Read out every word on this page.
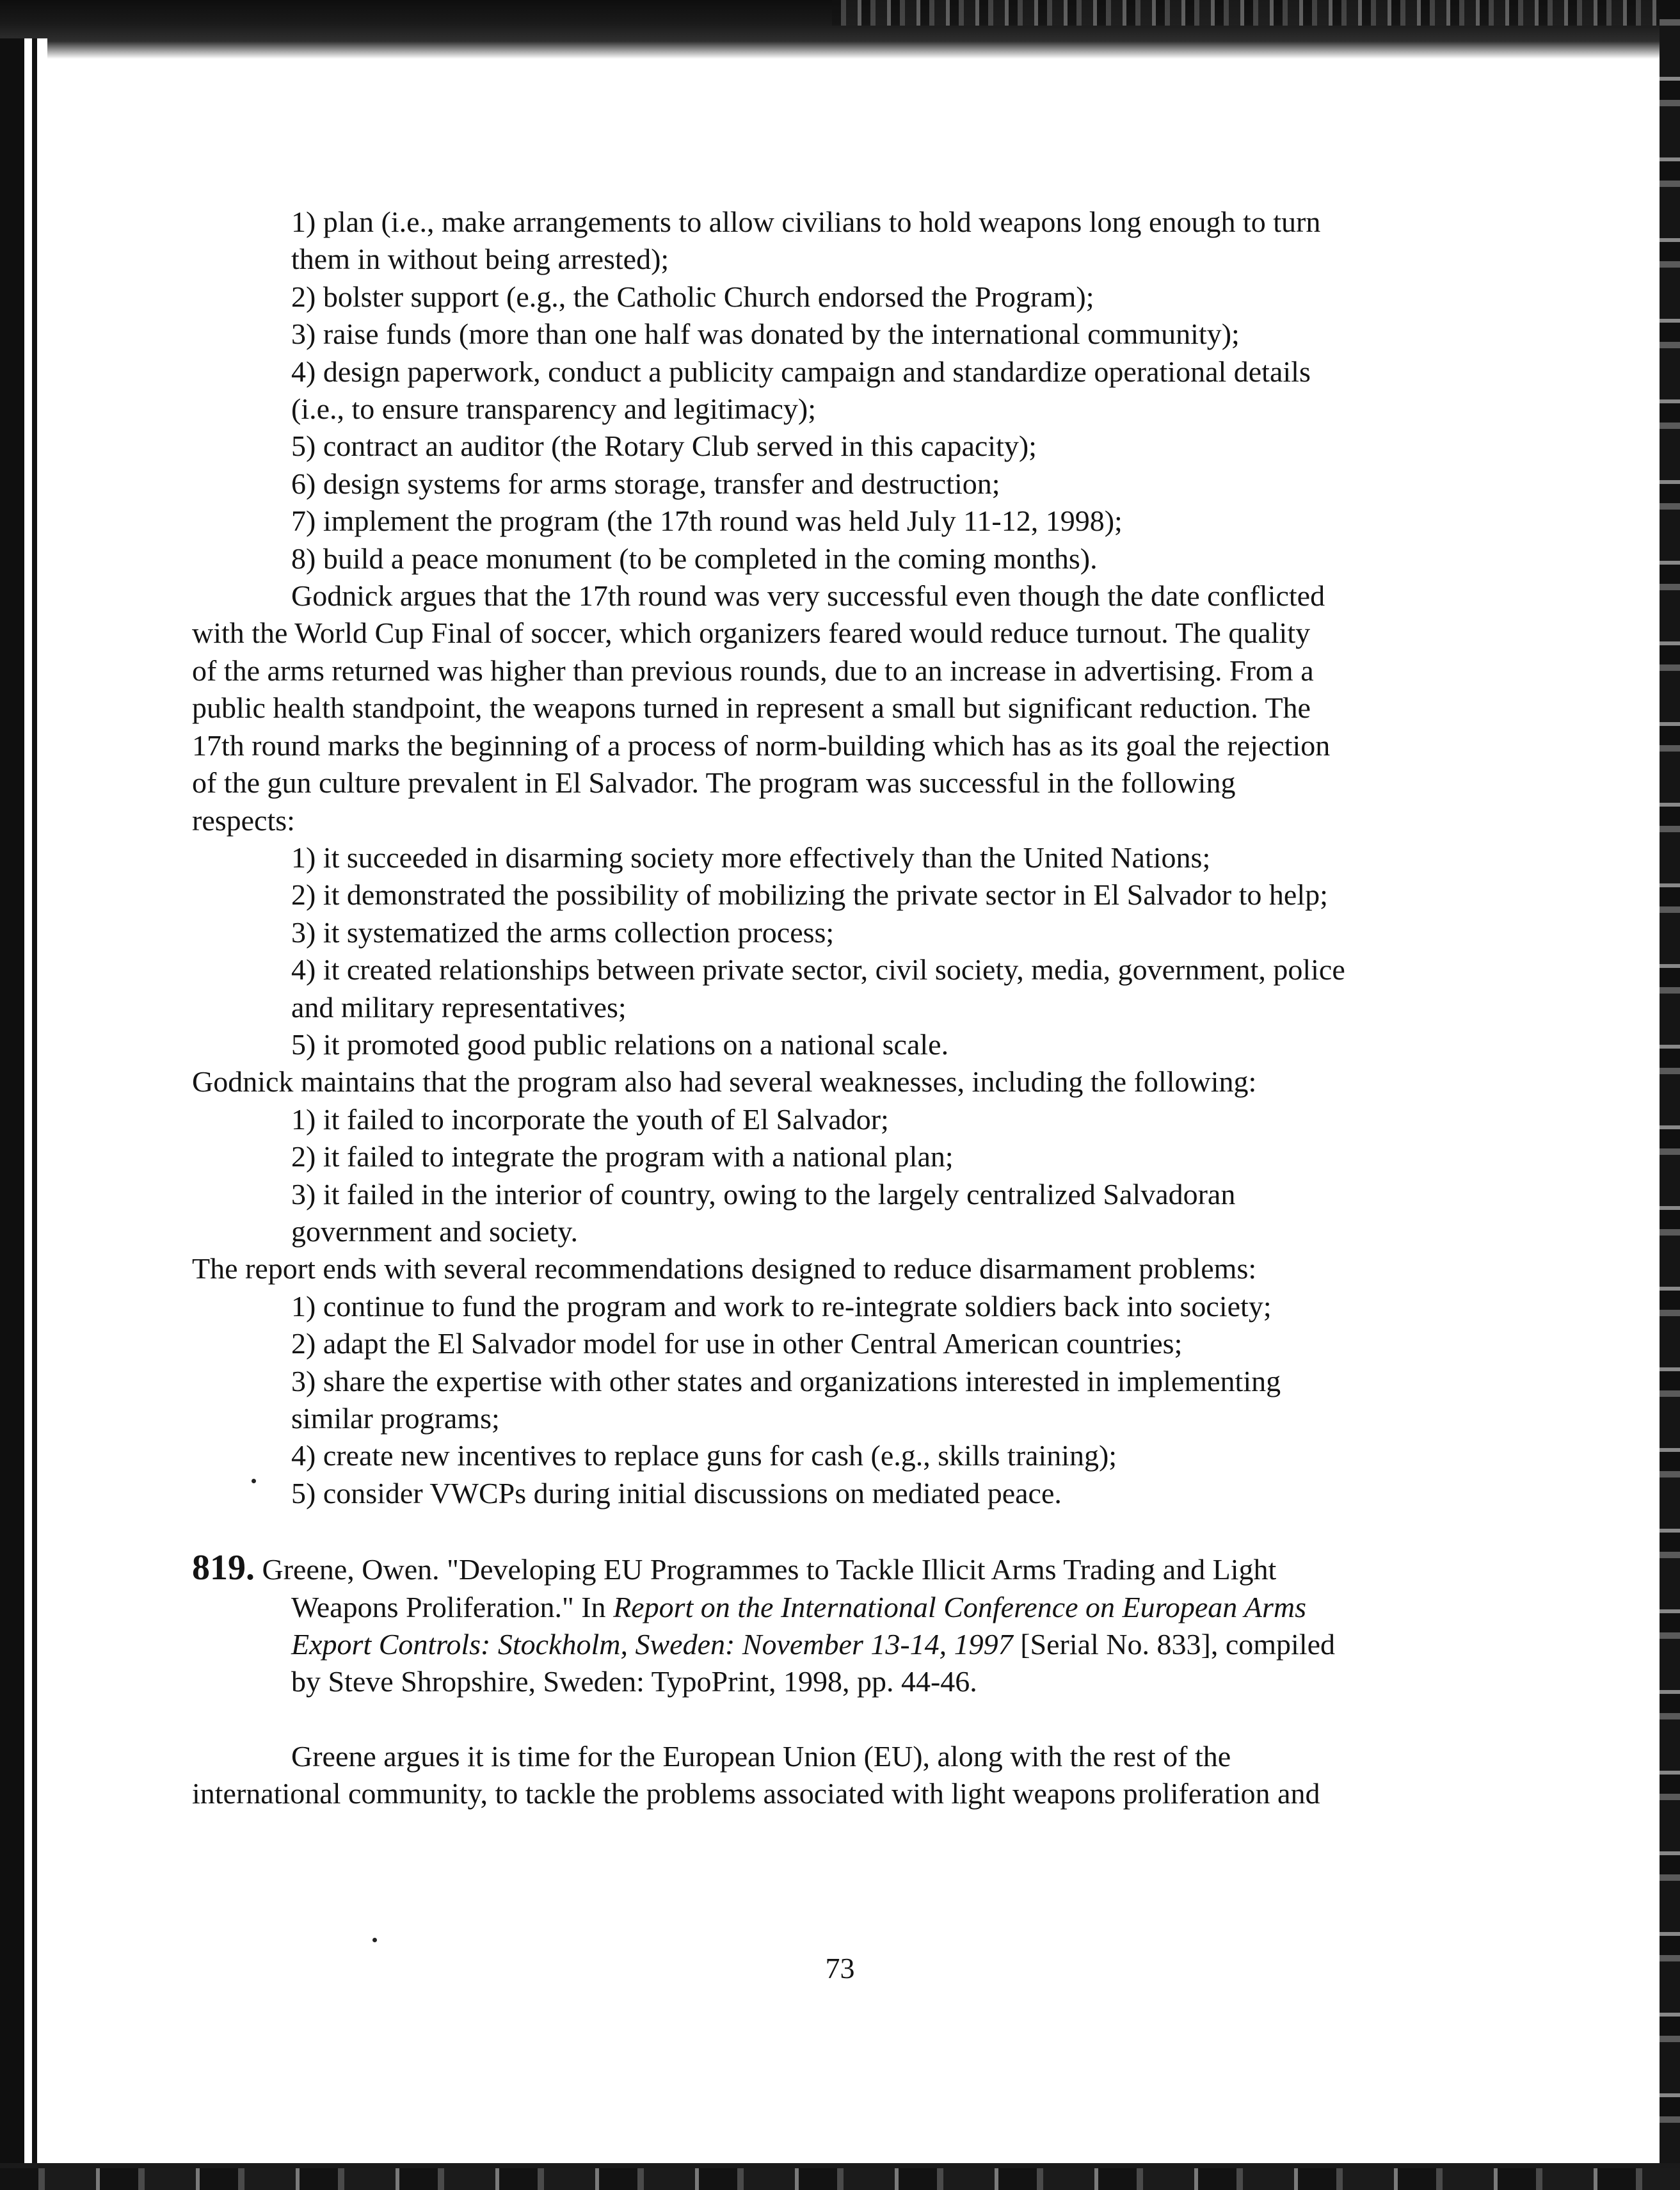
1) plan (i.e., make arrangements to allow civilians to hold weapons long enough to turn
them in without being arrested);
2) bolster support (e.g., the Catholic Church endorsed the Program);
3) raise funds (more than one half was donated by the international community);
4) design paperwork, conduct a publicity campaign and standardize operational details
(i.e., to ensure transparency and legitimacy);
5) contract an auditor (the Rotary Club served in this capacity);
6) design systems for arms storage, transfer and destruction;
7) implement the program (the 17th round was held July 11-12, 1998);
8) build a peace monument (to be completed in the coming months).
Godnick argues that the 17th round was very successful even though the date conflicted
with the World Cup Final of soccer, which organizers feared would reduce turnout. The quality
of the arms returned was higher than previous rounds, due to an increase in advertising. From a
public health standpoint, the weapons turned in represent a small but significant reduction. The
17th round marks the beginning of a process of norm-building which has as its goal the rejection
of the gun culture prevalent in El Salvador. The program was successful in the following
respects:
1) it succeeded in disarming society more effectively than the United Nations;
2) it demonstrated the possibility of mobilizing the private sector in El Salvador to help;
3) it systematized the arms collection process;
4) it created relationships between private sector, civil society, media, government, police
and military representatives;
5) it promoted good public relations on a national scale.
Godnick maintains that the program also had several weaknesses, including the following:
1) it failed to incorporate the youth of El Salvador;
2) it failed to integrate the program with a national plan;
3) it failed in the interior of country, owing to the largely centralized Salvadoran
government and society.
The report ends with several recommendations designed to reduce disarmament problems:
1) continue to fund the program and work to re-integrate soldiers back into society;
2) adapt the El Salvador model for use in other Central American countries;
3) share the expertise with other states and organizations interested in implementing
similar programs;
4) create new incentives to replace guns for cash (e.g., skills training);
5) consider VWCPs during initial discussions on mediated peace.
819. Greene, Owen. "Developing EU Programmes to Tackle Illicit Arms Trading and Light
Weapons Proliferation." In Report on the International Conference on European Arms
Export Controls: Stockholm, Sweden: November 13-14, 1997 [Serial No. 833], compiled
by Steve Shropshire, Sweden: TypoPrint, 1998, pp. 44-46.
Greene argues it is time for the European Union (EU), along with the rest of the
international community, to tackle the problems associated with light weapons proliferation and
73
